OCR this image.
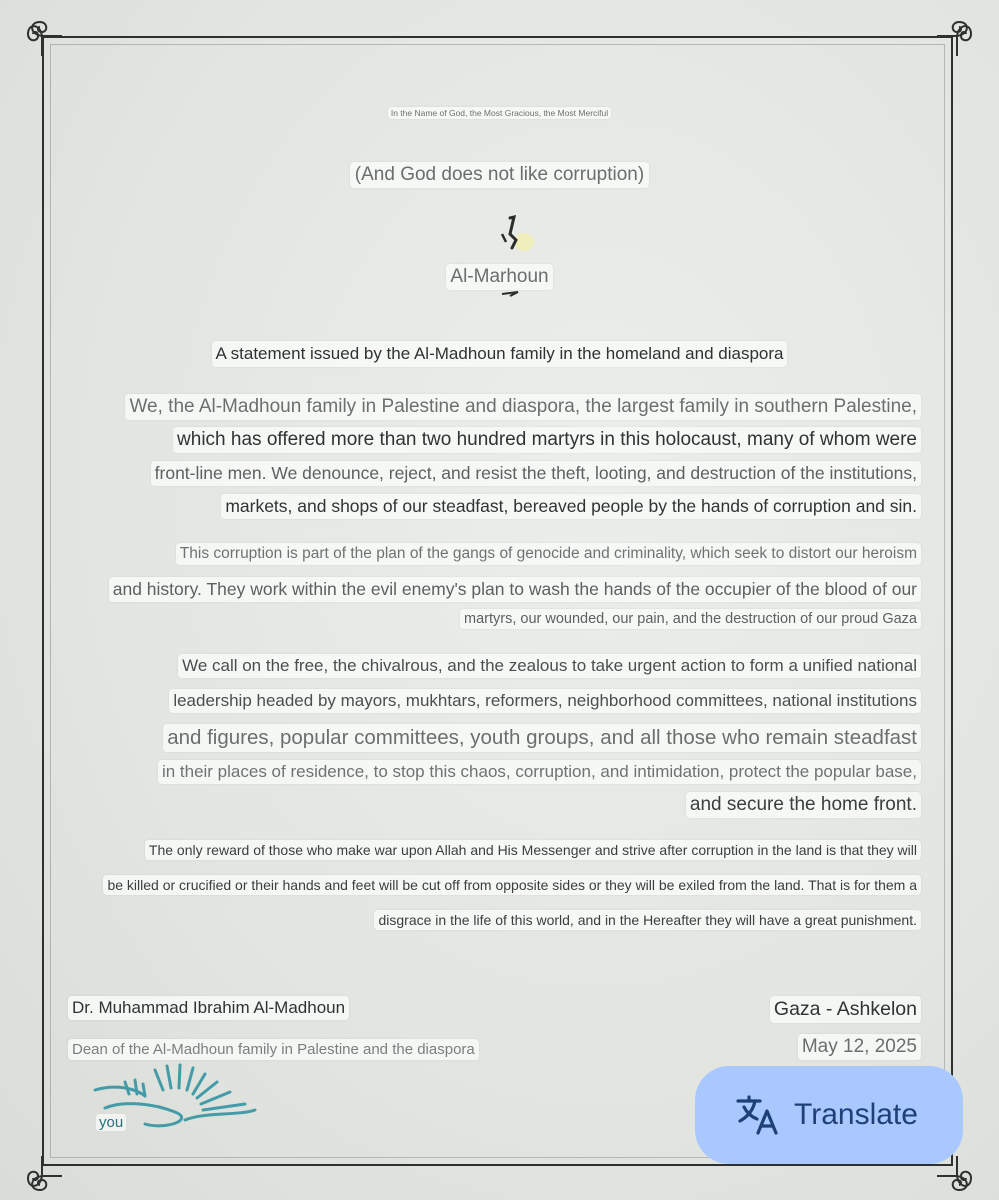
In the Name of God, the Most Gracious, the Most Merciful
(And God does not like corruption)
Al-Marhoun
A statement issued by the Al-Madhoun family in the homeland and diaspora
We, the Al-Madhoun family in Palestine and diaspora, the largest family in southern Palestine,
which has offered more than two hundred martyrs in this holocaust, many of whom were
front-line men. We denounce, reject, and resist the theft, looting, and destruction of the institutions,
markets, and shops of our steadfast, bereaved people by the hands of corruption and sin.
This corruption is part of the plan of the gangs of genocide and criminality, which seek to distort our heroism
and history. They work within the evil enemy's plan to wash the hands of the occupier of the blood of our
martyrs, our wounded, our pain, and the destruction of our proud Gaza
We call on the free, the chivalrous, and the zealous to take urgent action to form a unified national
leadership headed by mayors, mukhtars, reformers, neighborhood committees, national institutions
and figures, popular committees, youth groups, and all those who remain steadfast
in their places of residence, to stop this chaos, corruption, and intimidation, protect the popular base,
and secure the home front.
The only reward of those who make war upon Allah and His Messenger and strive after corruption in the land is that they will
be killed or crucified or their hands and feet will be cut off from opposite sides or they will be exiled from the land. That is for them a
disgrace in the life of this world, and in the Hereafter they will have a great punishment.
Dr. Muhammad Ibrahim Al-Madhoun
Dean of the Al-Madhoun family in Palestine and the diaspora
Gaza - Ashkelon
May 12, 2025
you	Translate
